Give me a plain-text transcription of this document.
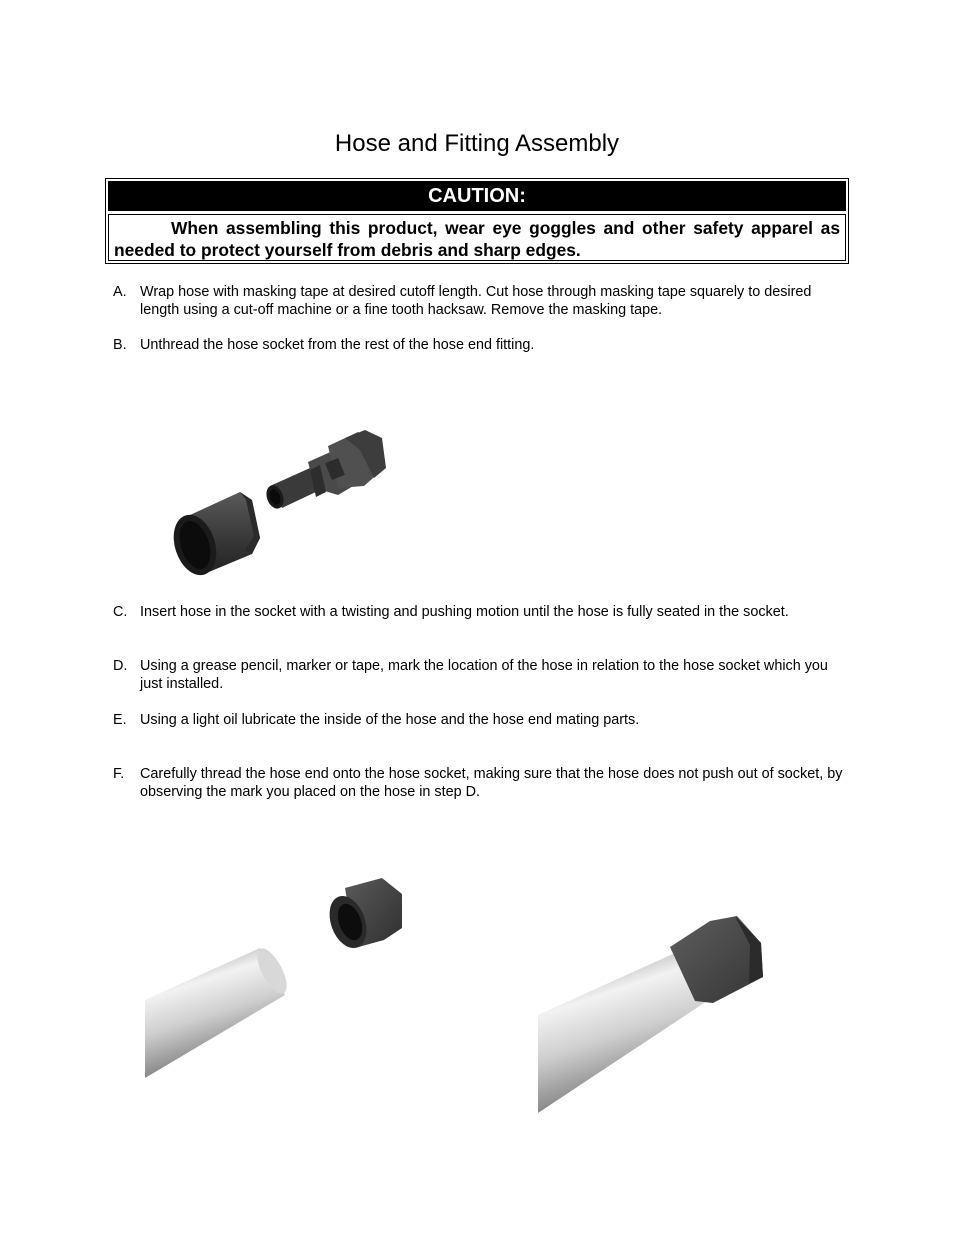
Hose and Fitting Assembly
CAUTION:
When assembling this product, wear eye goggles and other safety apparel as needed to protect yourself from debris and sharp edges.
A. Wrap hose with masking tape at desired cutoff length. Cut hose through masking tape squarely to desired length using a cut-off machine or a fine tooth hacksaw. Remove the masking tape.
B. Unthread the hose socket from the rest of the hose end fitting.
C. Insert hose in the socket with a twisting and pushing motion until the hose is fully seated in the socket.
D. Using a grease pencil, marker or tape, mark the location of the hose in relation to the hose socket which you just installed.
E. Using a light oil lubricate the inside of the hose and the hose end mating parts.
F. Carefully thread the hose end onto the hose socket, making sure that the hose does not push out of socket, by observing the mark you placed on the hose in step D.
